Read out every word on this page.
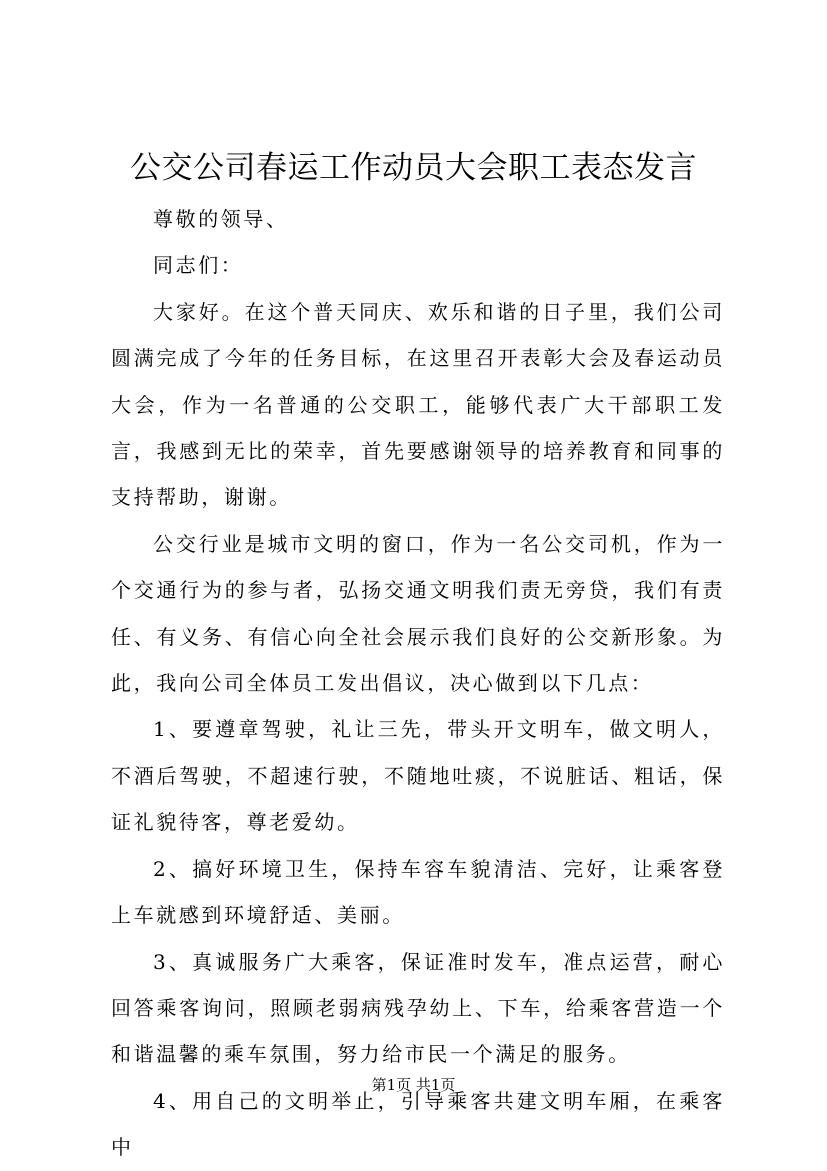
公交公司春运工作动员大会职工表态发言

尊敬的领导、

同志们：

大家好。在这个普天同庆、欢乐和谐的日子里，我们公司圆满完成了今年的任务目标，在这里召开表彰大会及春运动员大会，作为一名普通的公交职工，能够代表广大干部职工发言，我感到无比的荣幸，首先要感谢领导的培养教育和同事的支持帮助，谢谢。

公交行业是城市文明的窗口，作为一名公交司机，作为一个交通行为的参与者，弘扬交通文明我们责无旁贷，我们有责任、有义务、有信心向全社会展示我们良好的公交新形象。为此，我向公司全体员工发出倡议，决心做到以下几点：

1、要遵章驾驶，礼让三先，带头开文明车，做文明人，不酒后驾驶，不超速行驶，不随地吐痰，不说脏话、粗话，保证礼貌待客，尊老爱幼。

2、搞好环境卫生，保持车容车貌清洁、完好，让乘客登上车就感到环境舒适、美丽。

3、真诚服务广大乘客，保证准时发车，准点运营，耐心回答乘客询问，照顾老弱病残孕幼上、下车，给乘客营造一个和谐温馨的乘车氛围，努力给市民一个满足的服务。

4、用自己的文明举止，引导乘客共建文明车厢，在乘客中

第1页 共1页
